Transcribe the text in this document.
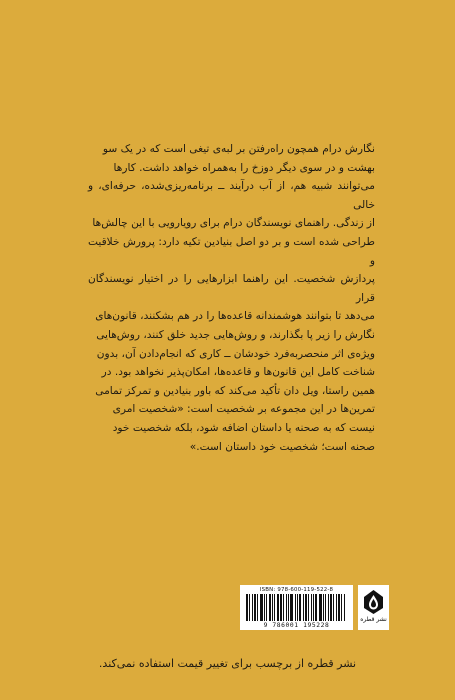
نگارش درام همچون راه‌رفتن بر لبه‌ی تیغی است که در یک سو

بهشت و در سوی دیگر دوزخ را به‌همراه خواهد داشت. کارها

می‌توانند شبیه هم، از آب درآیند ــ برنامه‌ریزی‌شده، حرفه‌ای، و خالی

از زندگی. راهنمای نویسندگان درام برای رویارویی با این چالش‌ها

طراحی شده است و بر دو اصل بنیادین تکیه دارد: پرورش خلاقیت و

پردازش شخصیت. این راهنما ابزارهایی را در اختیار نویسندگان قرار

می‌دهد تا بتوانند هوشمندانه قاعده‌ها را در هم بشکنند، قانون‌های

نگارش را زیر پا بگذارند، و روش‌هایی جدید خلق کنند، روش‌هایی

ویژه‌ی اثر منحصربه‌فرد خودشان ــ کاری که انجام‌دادن آن، بدون

شناخت کامل این قانون‌ها و قاعده‌ها، امکان‌پذیر نخواهد بود. در

همین راستا، ویل دان تأکید می‌کند که باور بنیادین و تمرکز تمامی

تمرین‌ها در این مجموعه بر شخصیت است: «شخصیت امری

نیست که به صحنه یا داستان اضافه شود، بلکه شخصیت خود

صحنه است؛ شخصیت خود داستان است.»

ISBN: 978-600-119-522-8
9 786001 195228
نشر قطره
نشر قطره از برچسب برای تغییر قیمت استفاده نمی‌کند.
